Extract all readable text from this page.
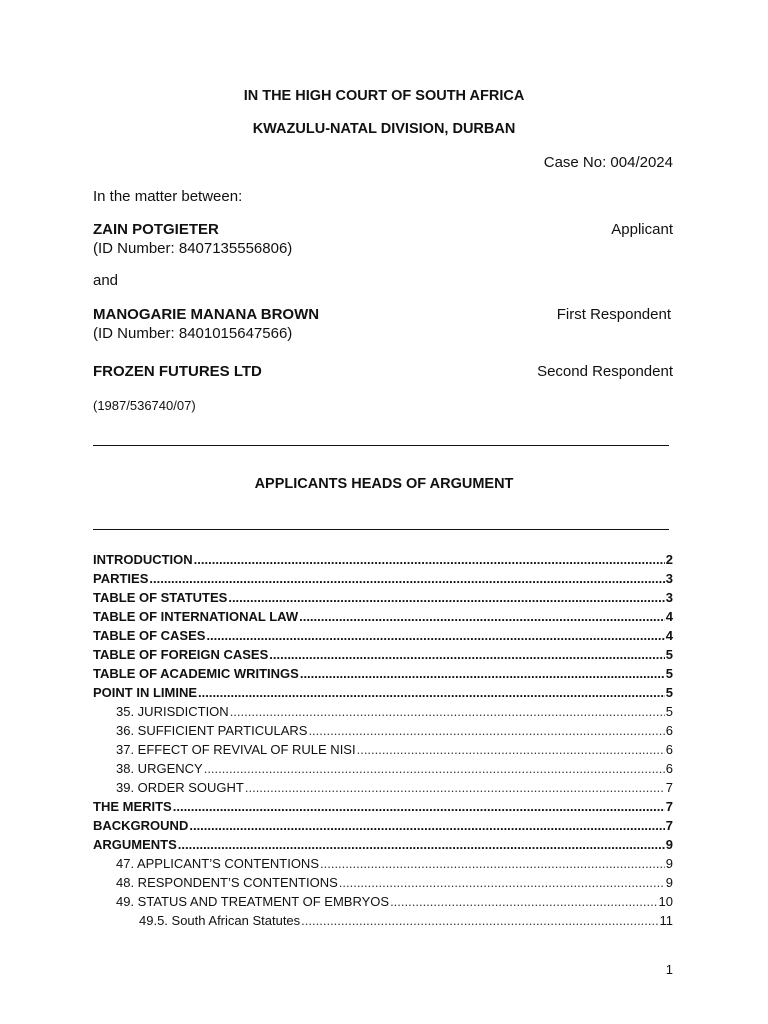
IN THE HIGH COURT OF SOUTH AFRICA
KWAZULU-NATAL DIVISION, DURBAN
Case No: 004/2024
In the matter between:
ZAIN POTGIETER	Applicant
(ID Number: 8407135556806)
and
MANOGARIE MANANA BROWN	First Respondent
(ID Number: 8401015647566)
FROZEN FUTURES LTD	Second Respondent
(1987/536740/07)
APPLICANTS HEADS OF ARGUMENT
INTRODUCTION .....	2
PARTIES .....	3
TABLE OF STATUTES .....	3
TABLE OF INTERNATIONAL LAW .....	4
TABLE OF CASES .....	4
TABLE OF FOREIGN CASES .....	5
TABLE OF ACADEMIC WRITINGS .....	5
POINT IN LIMINE .....	5
35. JURISDICTION .....	5
36. SUFFICIENT PARTICULARS .....	6
37. EFFECT OF REVIVAL OF RULE NISI .....	6
38. URGENCY .....	6
39. ORDER SOUGHT .....	7
THE MERITS .....	7
BACKGROUND .....	7
ARGUMENTS .....	9
47. APPLICANT’S CONTENTIONS .....	9
48. RESPONDENT’S CONTENTIONS .....	9
49. STATUS AND TREATMENT OF EMBRYOS .....	10
49.5. South African Statutes .....	11
1
